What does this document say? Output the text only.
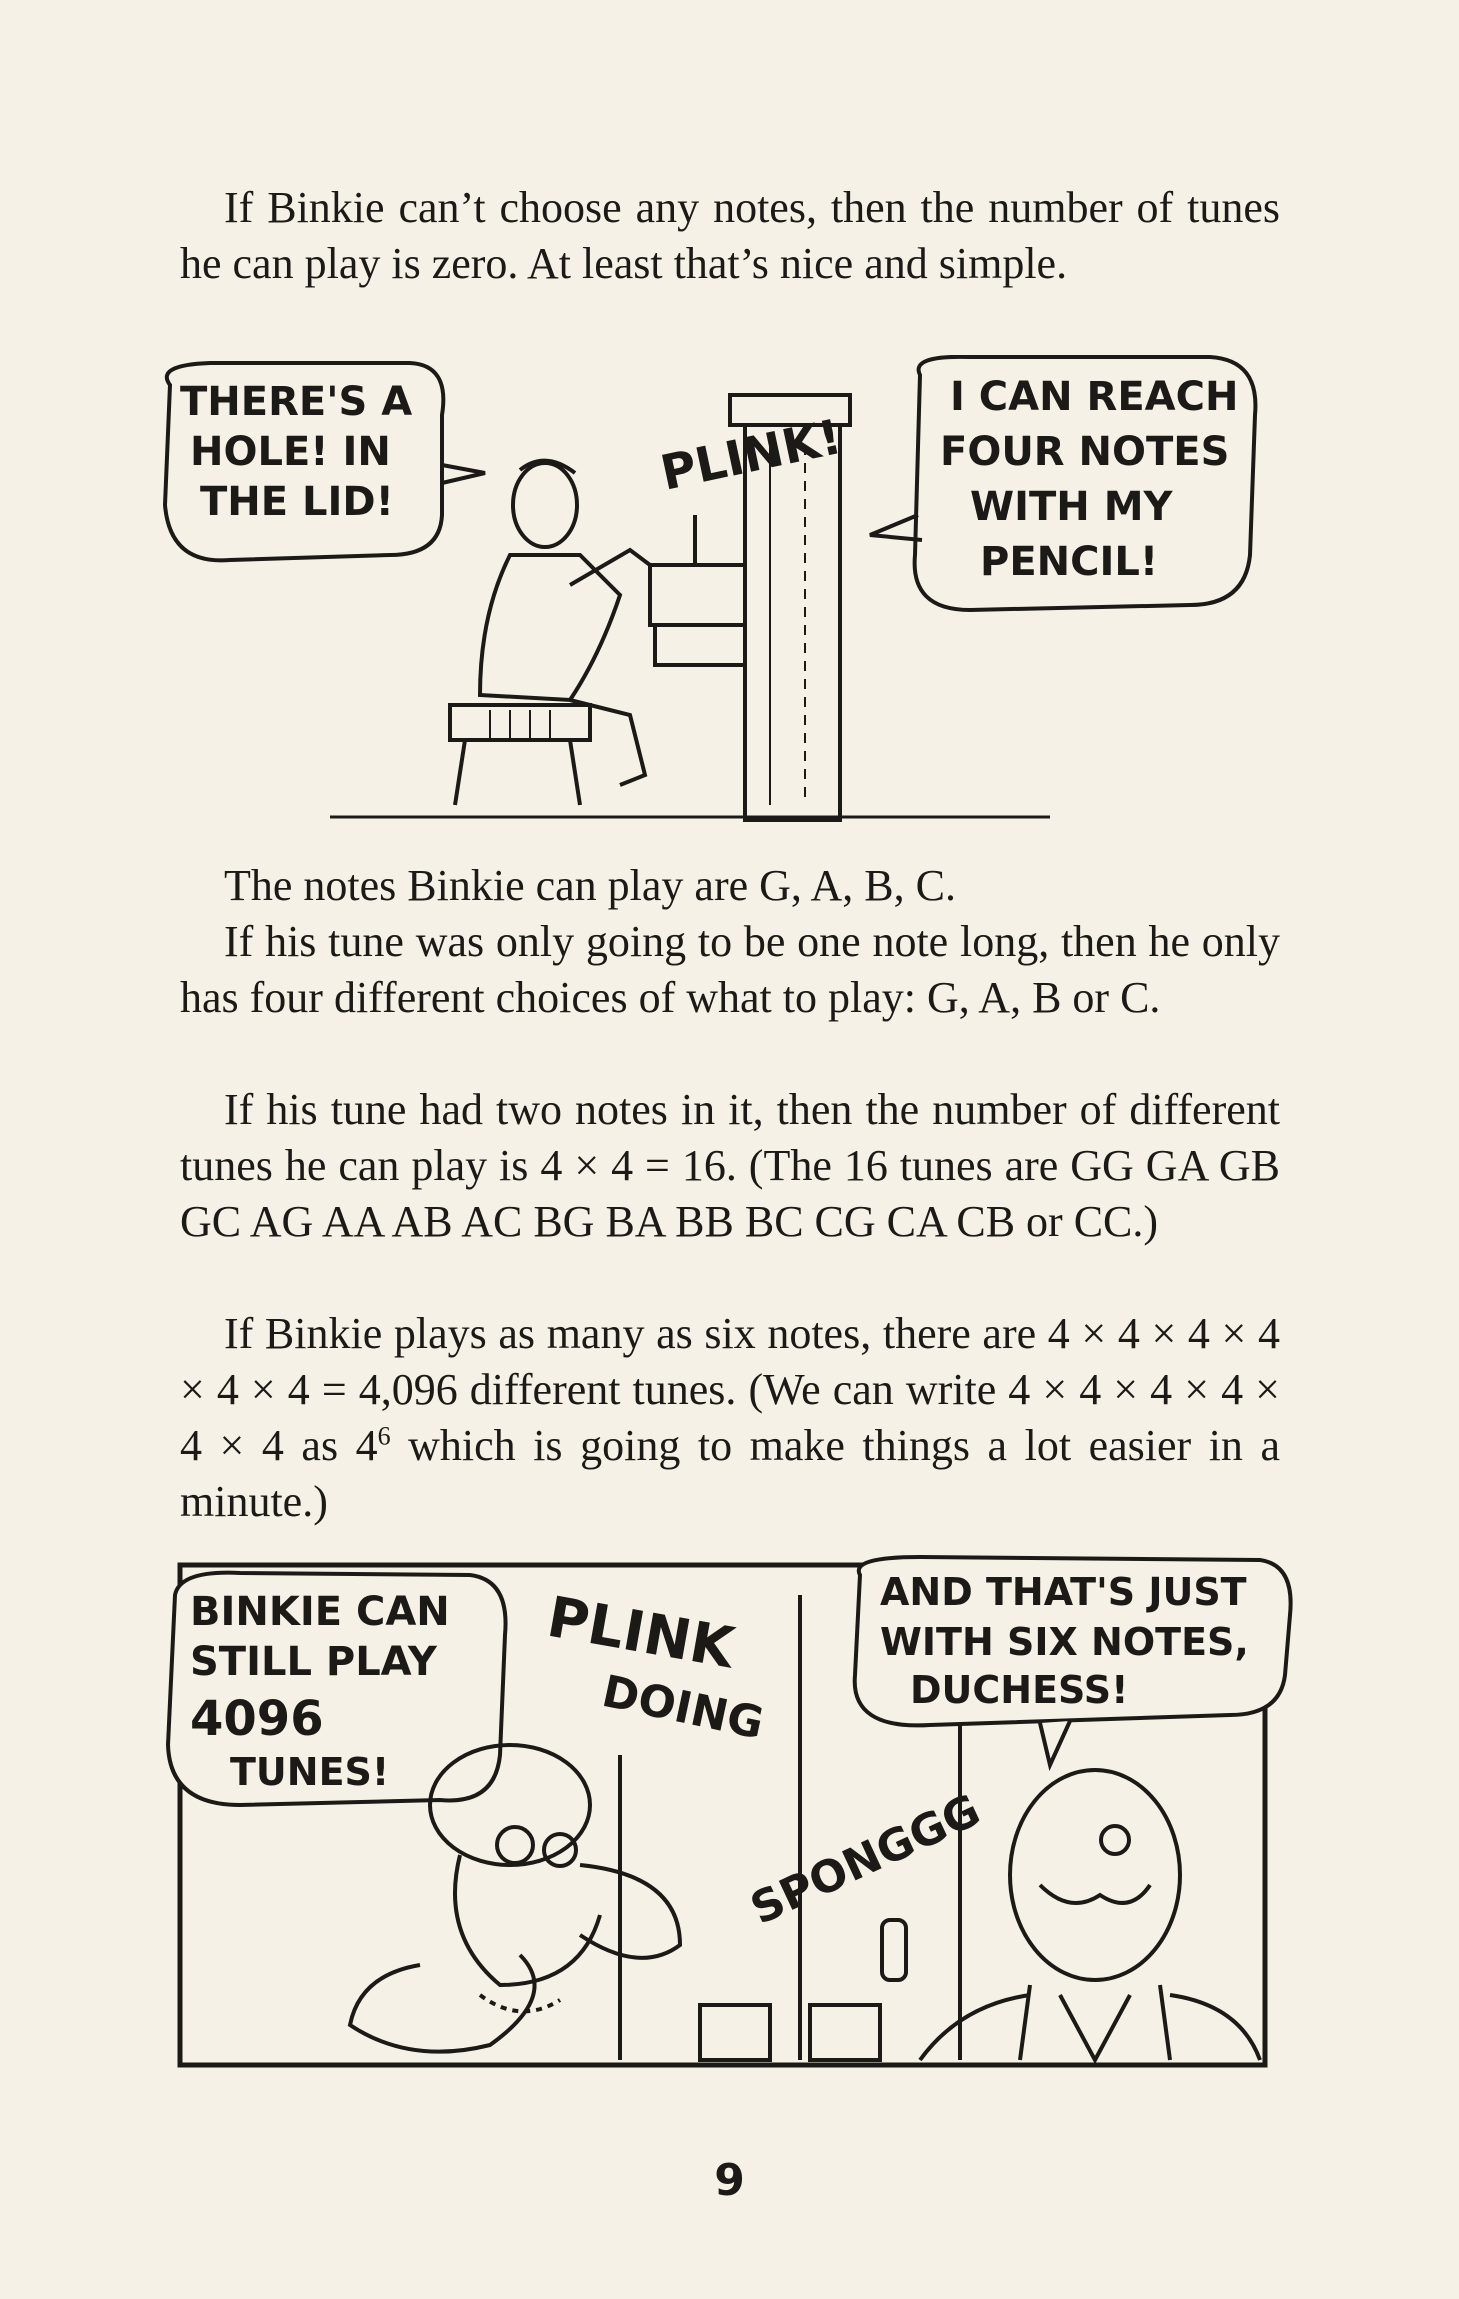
If Binkie can’t choose any notes, then the number of tunes he can play is zero. At least that’s nice and simple.

THERE'S A
HOLE! IN
THE LID!
PLINK!
I CAN REACH
FOUR NOTES
WITH MY
PENCIL!

The notes Binkie can play are G, A, B, C.

If his tune was only going to be one note long, then he only has four different choices of what to play: G, A, B or C.

If his tune had two notes in it, then the number of different tunes he can play is 4 × 4 = 16. (The 16 tunes are GG GA GB GC AG AA AB AC BG BA BB BC CG CA CB or CC.)

If Binkie plays as many as six notes, there are 4 × 4 × 4 × 4 × 4 × 4 = 4,096 different tunes. (We can write 4 × 4 × 4 × 4 × 4 × 4 as $4^6$ which is going to make things a lot easier in a minute.)

BINKIE CAN
STILL PLAY
4096
TUNES!
PLINK
DOING
SPONGGG
AND THAT'S JUST
WITH SIX NOTES,
DUCHESS!
9
